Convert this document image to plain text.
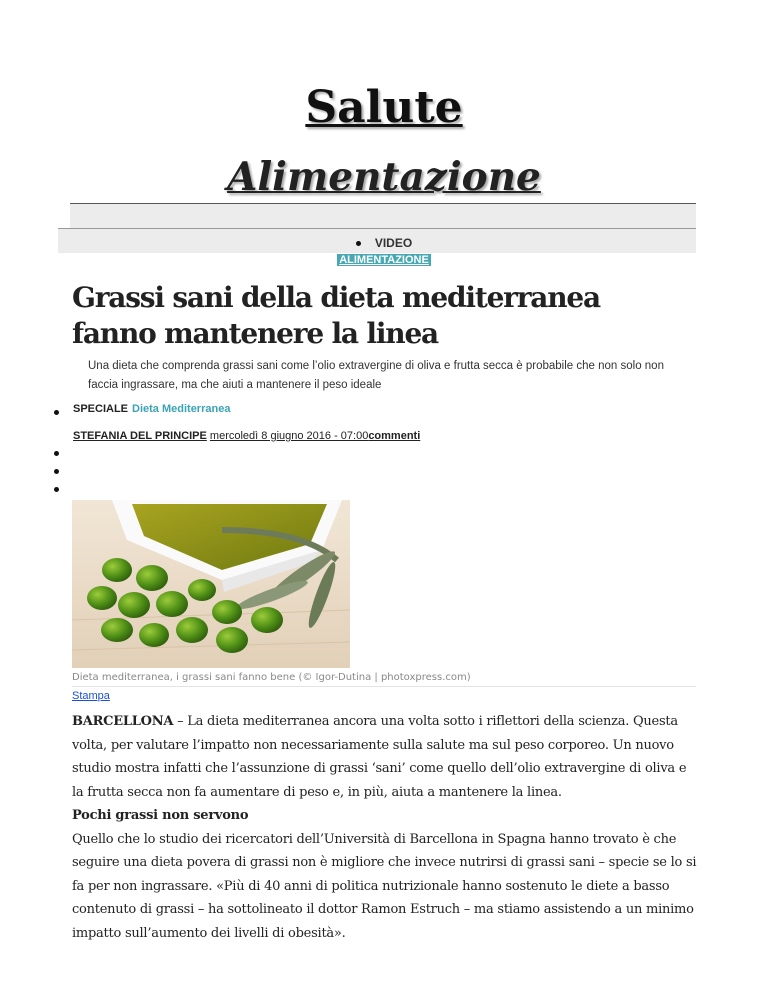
Salute
Alimentazione
VIDEO
ALIMENTAZIONE
Grassi sani della dieta mediterranea fanno mantenere la linea

Una dieta che comprenda grassi sani come l’olio extravergine di oliva e frutta secca è probabile che non solo non faccia ingrassare, ma che aiuti a mantenere il peso ideale

SPECIALE Dieta Mediterranea
STEFANIA DEL PRINCIPE mercoledì 8 giugno 2016 - 07:00commenti
Dieta mediterranea, i grassi sani fanno bene (© Igor-Dutina | photoxpress.com)
Stampa

BARCELLONA – La dieta mediterranea ancora una volta sotto i riflettori della scienza. Questa volta, per valutare l’impatto non necessariamente sulla salute ma sul peso corporeo. Un nuovo studio mostra infatti che l’assunzione di grassi ‘sani’ come quello dell’olio extravergine di oliva e la frutta secca non fa aumentare di peso e, in più, aiuta a mantenere la linea.

Pochi grassi non servono

Quello che lo studio dei ricercatori dell’Università di Barcellona in Spagna hanno trovato è che seguire una dieta povera di grassi non è migliore che invece nutrirsi di grassi sani – specie se lo si fa per non ingrassare. «Più di 40 anni di politica nutrizionale hanno sostenuto le diete a basso contenuto di grassi – ha sottolineato il dottor Ramon Estruch – ma stiamo assistendo a un minimo impatto sull’aumento dei livelli di obesità».
